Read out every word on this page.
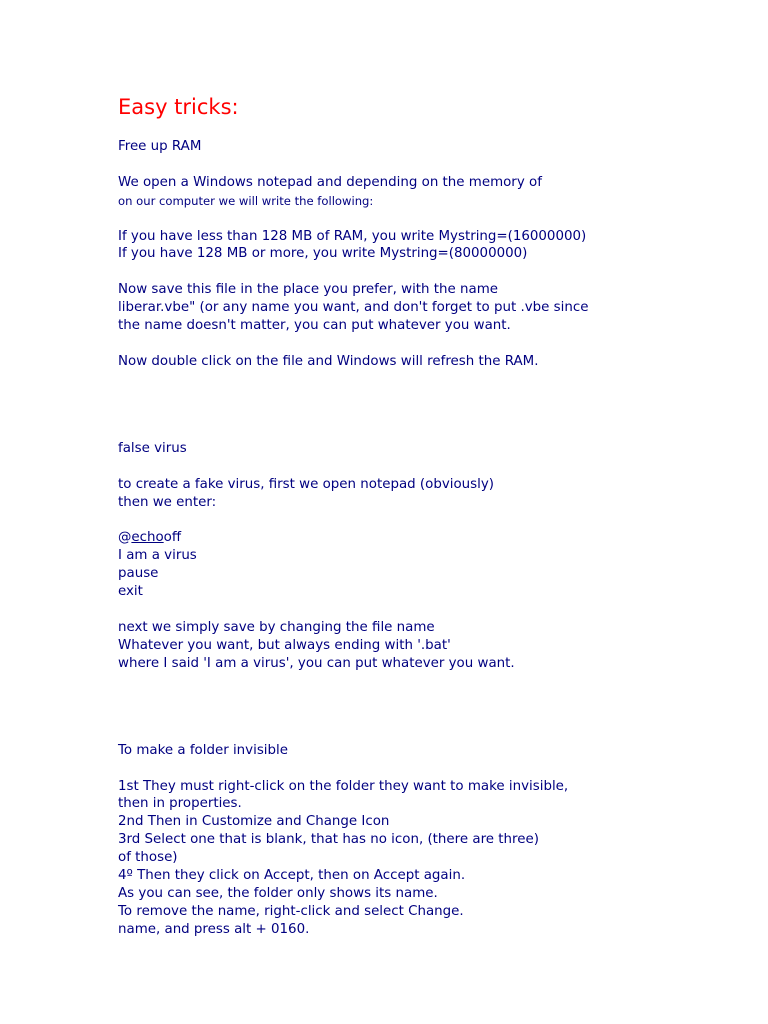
Easy tricks:
Free up RAM
We open a Windows notepad and depending on the memory of
on our computer we will write the following:
If you have less than 128 MB of RAM, you write Mystring=(16000000)
If you have 128 MB or more, you write Mystring=(80000000)
Now save this file in the place you prefer, with the name
liberar.vbe" (or any name you want, and don't forget to put .vbe since
the name doesn't matter, you can put whatever you want.
Now double click on the file and Windows will refresh the RAM.
false virus
to create a fake virus, first we open notepad (obviously)
then we enter:
@echooff
I am a virus
pause
exit
next we simply save by changing the file name
Whatever you want, but always ending with '.bat'
where I said 'I am a virus', you can put whatever you want.
To make a folder invisible
1st They must right-click on the folder they want to make invisible,
then in properties.
2nd Then in Customize and Change Icon
3rd Select one that is blank, that has no icon, (there are three)
of those)
4º Then they click on Accept, then on Accept again.
As you can see, the folder only shows its name.
To remove the name, right-click and select Change.
name, and press alt + 0160.
